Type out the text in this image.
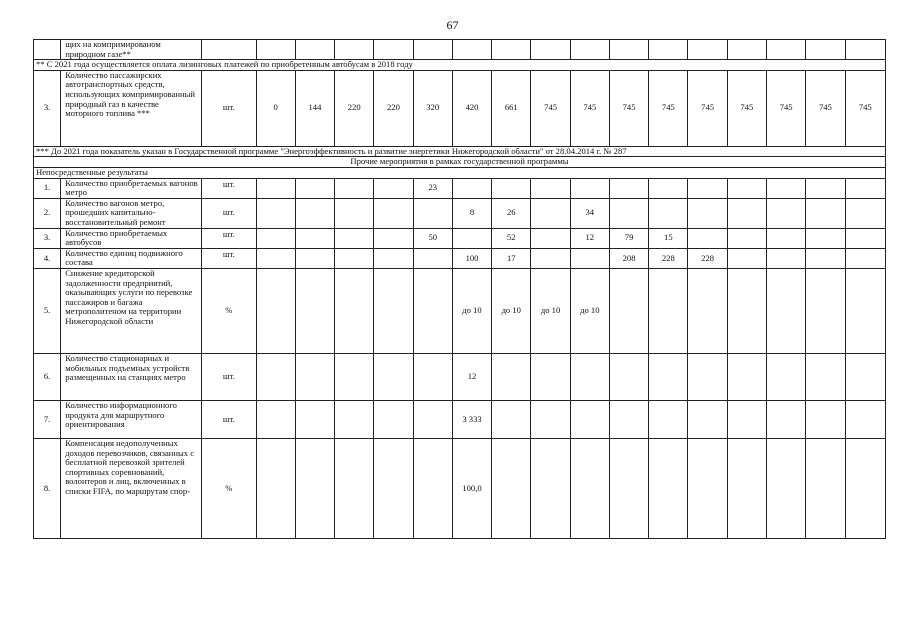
67
	щих на компримированом природном газе**																	
** С 2021 года осуществляется оплата лизинговых платежей по приобретенным автобусам в 2018 году																		
3.	Количество пассажирских автотранспортных средств, использующих компримированный природный газ в качестве моторного топлива ***	шт.	0	144	220	220	320	420	661	745	745	745	745	745	745	745	745	745
*** До 2021 года показатель указан в Государственной программе "Энергоэффективность и развитие энергетики Нижегородской области" от 28.04.2014 г. № 287																		
Прочие мероприятия в рамках государственной программы																		
Непосредственные результаты																		
1.	Количество приобретаемых вагонов метро	шт.					23											
2.	Количество вагонов метро, прошедших капитально-восстановительный ремонт	шт.						8	26		34							
3.	Количество приобретаемых автобусов	шт.					50		52		12	79	15					
4.	Количество единиц подвижного состава	шт.						100	17			208	228	228				
5.	Снижение кредиторской задолженности предприятий, оказывающих услуги по перевозке пассажиров и багажа метрополитеном на территории Нижегородской области	%						до 10	до 10	до 10	до 10							
6.	Количество стационарных и мобильных подъемных устройств размещенных на станциях метро	шт.						12										
7.	Количество информационного продукта для маршрутного ориентирования	шт.						3 333										
8.	Компенсация недополученных доходов перевозчиков, связанных с бесплатной перевозкой зрителей спортивных соревнований, волонтеров и лиц, включенных в списки FIFA, по маршрутам спор-	%						100,0										
